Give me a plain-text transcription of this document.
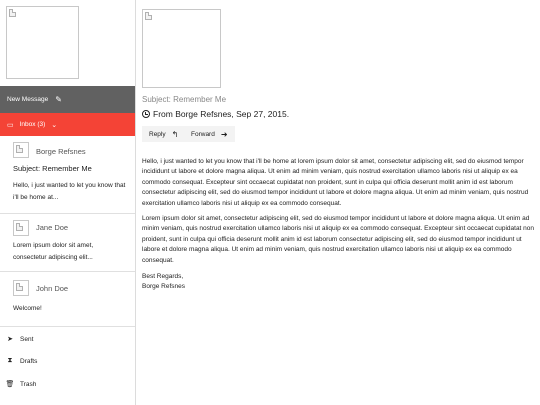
New Message ✎
▭ Inbox (3) ⌄
Borge Refsnes
Subject: Remember Me
Hello, i just wanted to let you know that i'll be home at...
Jane Doe
Lorem ipsum dolor sit amet, consectetur adipiscing elit...
John Doe
Welcome!
➤	Sent
⧗	Drafts
🗑 Trash
Subject: Remember Me
From Borge Refsnes, Sep 27, 2015.
Reply ↰ Forward ➜

Hello, i just wanted to let you know that i'll be home at lorem ipsum dolor sit amet, consectetur adipiscing elit, sed do eiusmod tempor incididunt ut labore et dolore magna aliqua. Ut enim ad minim veniam, quis nostrud exercitation ullamco laboris nisi ut aliquip ex ea commodo consequat. Excepteur sint occaecat cupidatat non proident, sunt in culpa qui officia deserunt mollit anim id est laborum consectetur adipiscing elit, sed do eiusmod tempor incididunt ut labore et dolore magna aliqua. Ut enim ad minim veniam, quis nostrud exercitation ullamco laboris nisi ut aliquip ex ea commodo consequat.

Lorem ipsum dolor sit amet, consectetur adipiscing elit, sed do eiusmod tempor incididunt ut labore et dolore magna aliqua. Ut enim ad minim veniam, quis nostrud exercitation ullamco laboris nisi ut aliquip ex ea commodo consequat. Excepteur sint occaecat cupidatat non proident, sunt in culpa qui officia deserunt mollit anim id est laborum consectetur adipiscing elit, sed do eiusmod tempor incididunt ut labore et dolore magna aliqua. Ut enim ad minim veniam, quis nostrud exercitation ullamco laboris nisi ut aliquip ex ea commodo consequat.

Best Regards,
Borge Refsnes
